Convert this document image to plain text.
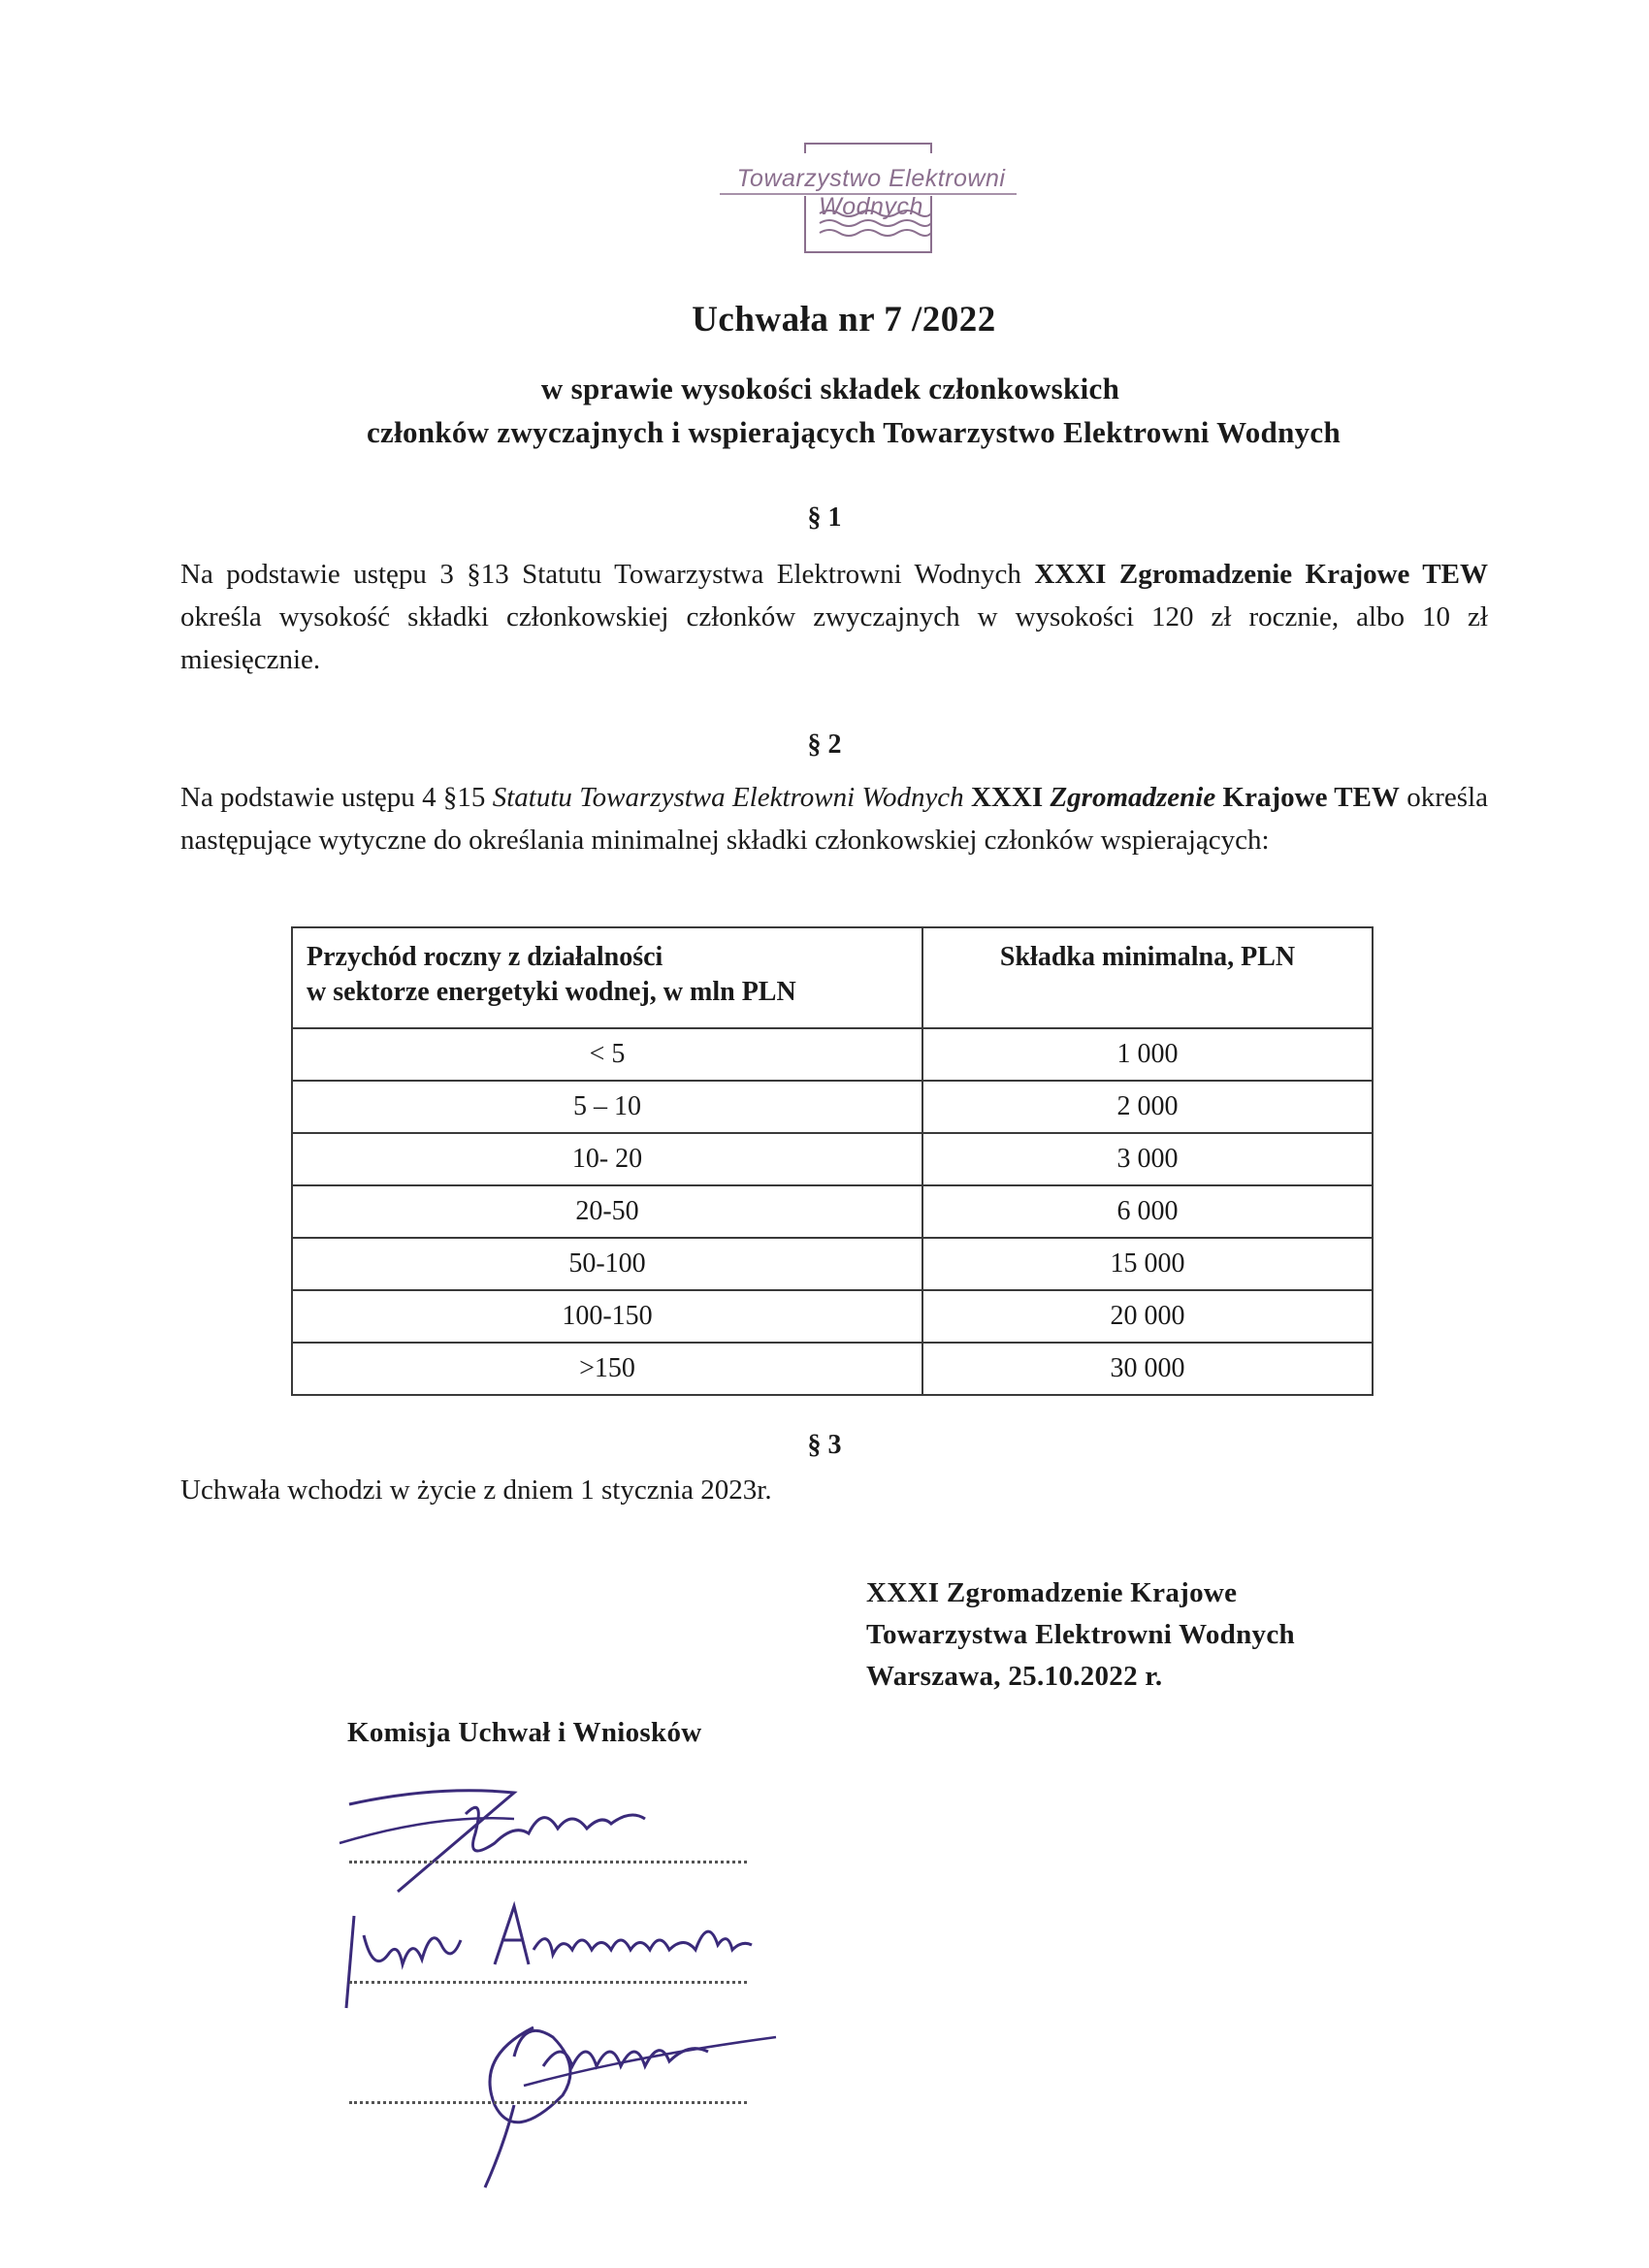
Towarzystwo Elektrowni Wodnych
Uchwała nr 7 /2022
w sprawie wysokości składek członkowskich
członków zwyczajnych i wspierających Towarzystwo Elektrowni Wodnych
§ 1
Na podstawie ustępu 3 §13 Statutu Towarzystwa Elektrowni Wodnych XXXI Zgromadzenie Krajowe TEW określa wysokość składki członkowskiej członków zwyczajnych w wysokości 120 zł rocznie, albo 10 zł miesięcznie.
§ 2
Na podstawie ustępu 4 §15 Statutu Towarzystwa Elektrowni Wodnych XXXI Zgromadzenie Krajowe TEW określa następujące wytyczne do określania minimalnej składki członkowskiej członków wspierających:
Przychód roczny z działalności
w sektorze energetyki wodnej, w mln PLN	Składka minimalna, PLN
< 5	1 000
5 – 10	2 000
10- 20	3 000
20-50	6 000
50-100	15 000
100-150	20 000
>150	30 000
§ 3
Uchwała wchodzi w życie z dniem 1 stycznia 2023r.
XXXI Zgromadzenie Krajowe
Towarzystwa Elektrowni Wodnych
Warszawa, 25.10.2022 r.
Komisja Uchwał i Wniosków
